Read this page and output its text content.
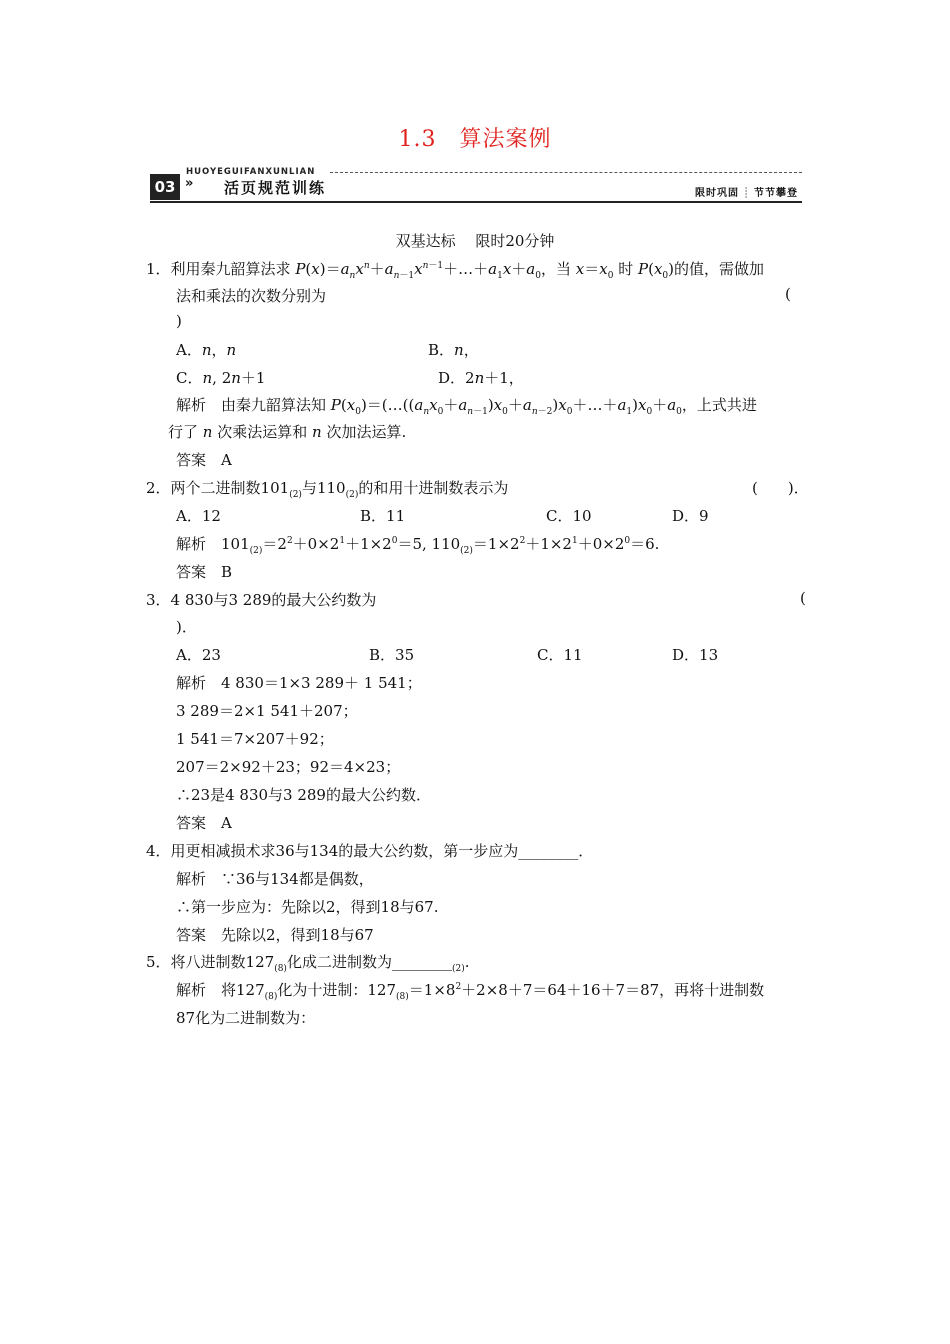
1.3　算法案例
HUOYEGUIFANXUNLIAN
03 » 活页规范训练	限时巩固 ┊ 节节攀登
双基达标 　限时20分钟
1．利用秦九韶算法求 $P(x)=a_nx^n+a_{n-1}x^{n-1}+\dots+a_1x+a_0$，当 $x=x_0$ 时 $P(x_0)$的值，需做加
法和乘法的次数分别为	(
)
A．n，n	B．n，
C．n, 2n＋1	D．2n＋1，
解析　由秦九韶算法知 $P(x_0)=(\dots((a_nx_0+a_{n-1})x_0+a_{n-2})x_0+\dots+a_1)x_0+a_0$，上式共进
行了 n 次乘法运算和 n 次加法运算.
答案　A
2．两个二进制数$101_{(2)}$与$110_{(2)}$的和用十进制数表示为	(　　)．
A．12	B．11	C．10	D．9
解析　$101_{(2)}=2^2+0\times 2^1+1\times 2^0=5$, $110_{(2)}=1\times 2^2+1\times 2^1+0\times 2^0=6$.
答案　B
3．4 830与3 289的最大公约数为	(
)．
A．23	B．35	C．11	D．13
解析　4 830＝1×3 289＋ 1 541；
3 289＝2×1 541＋207；
1 541＝7×207＋92；
207＝2×92＋23；92＝4×23；
∴23是4 830与3 289的最大公约数．
答案　A
4．用更相减损术求36与134的最大公约数，第一步应为________．
解析　∵36与134都是偶数，
∴第一步应为：先除以2，得到18与67.
答案　先除以2，得到18与67
5．将八进制数$127_{(8)}$化成二进制数为$\_\_\_\_\_\_\_\__{(2)}$.
解析　将$127_{(8)}$化为十进制：$127_{(8)}=1\times 8^2+2\times 8+7=64+16+7=87$，再将十进制数
87化为二进制数为：
